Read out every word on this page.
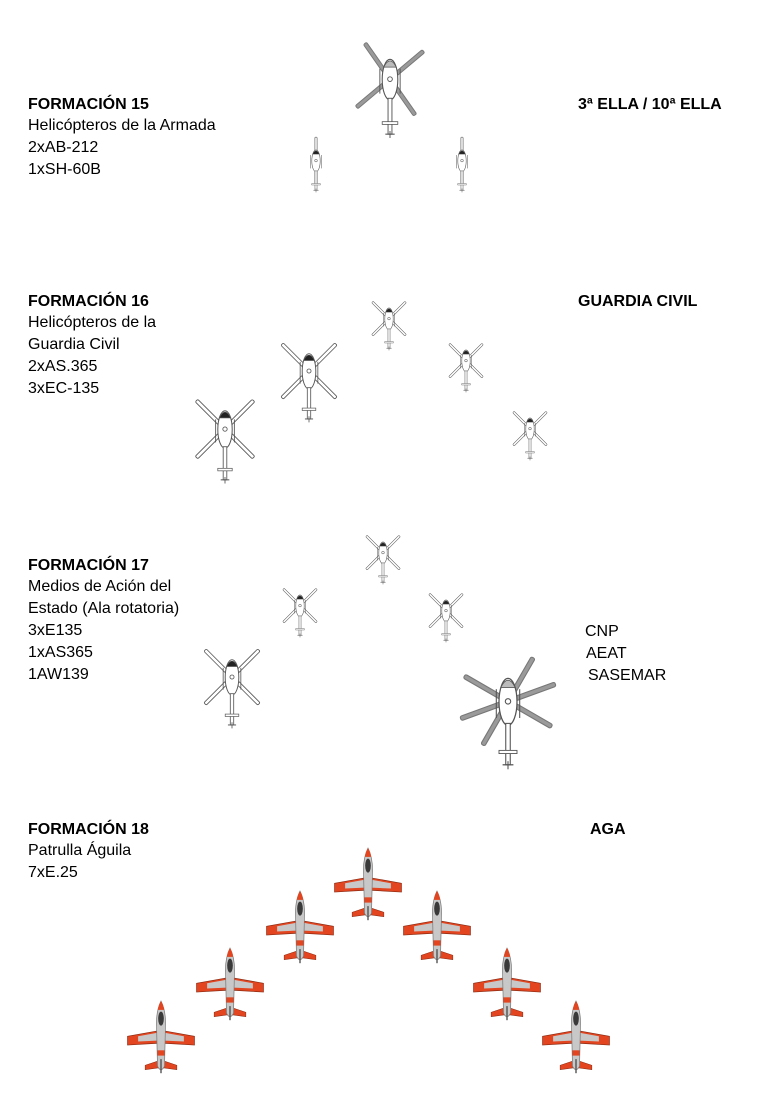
FORMACIÓN 15
Helicópteros de la Armada
2xAB-212
1xSH-60B
3ª ELLA / 10ª ELLA
FORMACIÓN 16
Helicópteros de la
Guardia Civil
2xAS.365
3xEC-135
GUARDIA CIVIL
FORMACIÓN 17
Medios de Ación del
Estado (Ala rotatoria)
3xE135
1xAS365
1AW139
CNP
AEAT
SASEMAR
FORMACIÓN 18
Patrulla Águila
7xE.25
AGA
